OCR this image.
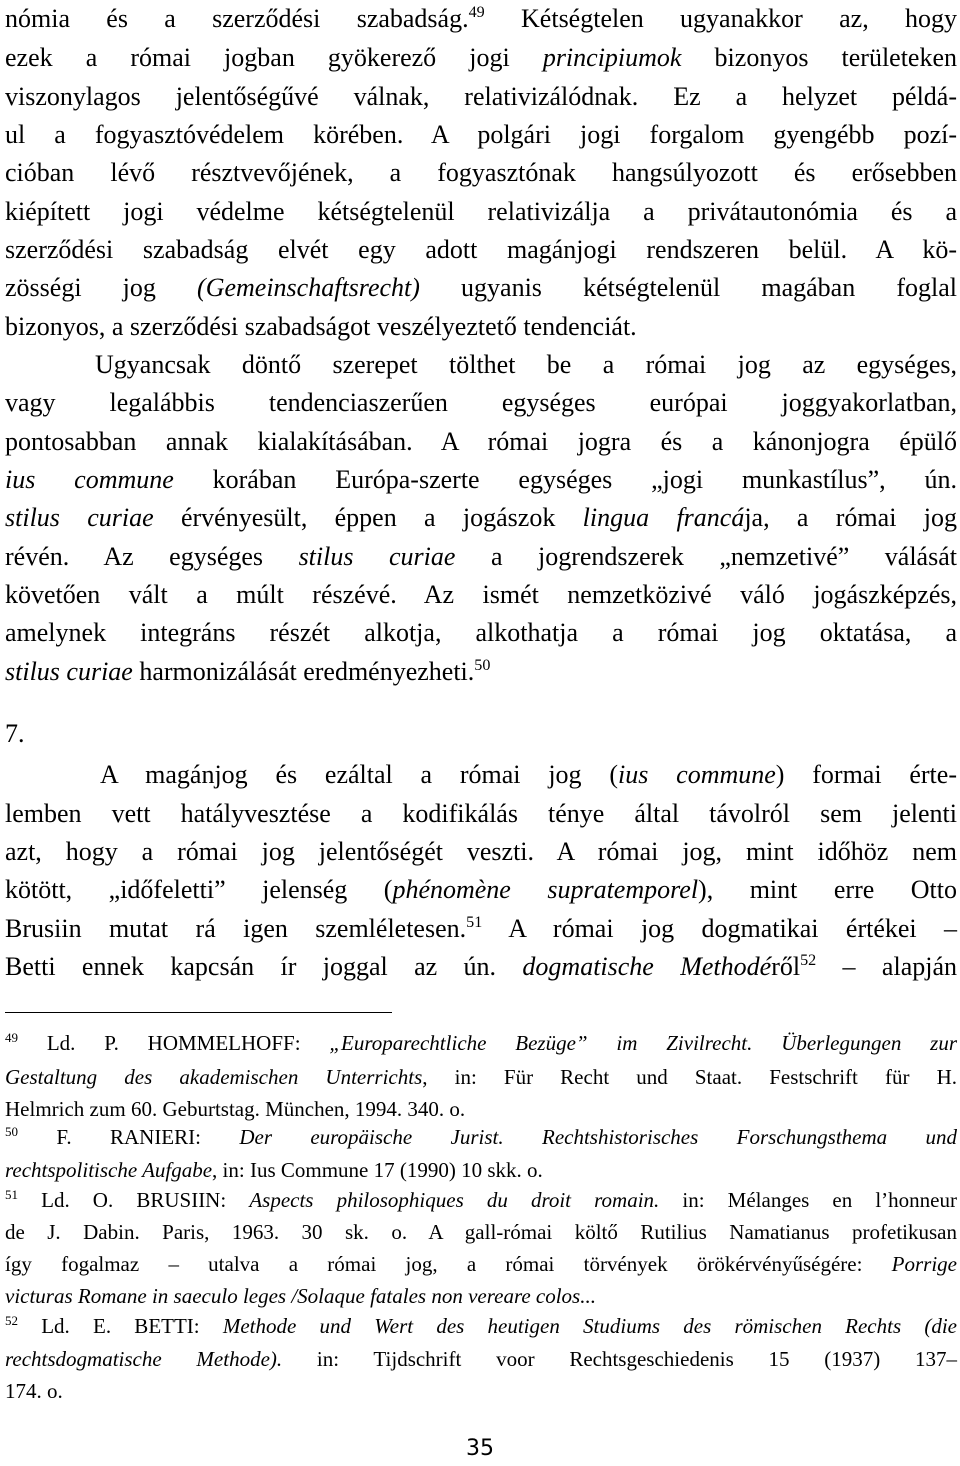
nómia és a szerződési szabadság.$^{49}$ Kétségtelen ugyanakkor az, hogy
ezek a római jogban gyökerező jogi principiumok bizonyos területeken
viszonylagos jelentőségűvé válnak, relativizálódnak. Ez a helyzet példá-
ul a fogyasztóvédelem körében. A polgári jogi forgalom gyengébb pozí-
cióban lévő résztvevőjének, a fogyasztónak hangsúlyozott és erősebben
kiépített jogi védelme kétségtelenül relativizálja a privátautonómia és a
szerződési szabadság elvét egy adott magánjogi rendszeren belül. A kö-
zösségi jog (Gemeinschaftsrecht) ugyanis kétségtelenül magában foglal
bizonyos, a szerződési szabadságot veszélyeztető tendenciát.
Ugyancsak döntő szerepet tölthet be a római jog az egységes,
vagy legalábbis tendenciaszerűen egységes európai joggyakorlatban,
pontosabban annak kialakításában. A római jogra és a kánonjogra épülő
ius commune korában Európa-szerte egységes „jogi munkastílus”, ún.
stilus curiae érvényesült, éppen a jogászok lingua francája, a római jog
révén. Az egységes stilus curiae a jogrendszerek „nemzetivé” válását
követően vált a múlt részévé. Az ismét nemzetközivé váló jogászképzés,
amelynek integráns részét alkotja, alkothatja a római jog oktatása, a
stilus curiae harmonizálását eredményezheti.$^{50}$
7.
A magánjog és ezáltal a római jog (ius commune) formai érte-
lemben vett hatályvesztése a kodifikálás ténye által távolról sem jelenti
azt, hogy a római jog jelentőségét veszti. A római jog, mint időhöz nem
kötött, „időfeletti” jelenség (phénomène supratemporel), mint erre Otto
Brusiin mutat rá igen szemléletesen.$^{51}$ A római jog dogmatikai értékei –
Betti ennek kapcsán ír joggal az ún. dogmatische Methodéről$^{52}$ – alapján
$^{49}$ Ld. P. HOMMELHOFF: „Europarechtliche Bezüge” im Zivilrecht. Überlegungen zur
Gestaltung des akademischen Unterrichts, in: Für Recht und Staat. Festschrift für H.
Helmrich zum 60. Geburtstag. München, 1994. 340. o.
$^{50}$ F. RANIERI: Der europäische Jurist. Rechtshistorisches Forschungsthema und
rechtspolitische Aufgabe, in: Ius Commune 17 (1990) 10 skk. o.
$^{51}$ Ld. O. BRUSIIN: Aspects philosophiques du droit romain. in: Mélanges en l’honneur
de J. Dabin. Paris, 1963. 30 sk. o. A gall-római költő Rutilius Namatianus profetikusan
így fogalmaz – utalva a római jog, a római törvények örökérvényűségére: Porrige
victuras Romane in saeculo leges /Solaque fatales non vereare colos...
$^{52}$ Ld. E. BETTI: Methode und Wert des heutigen Studiums des römischen Rechts (die
rechtsdogmatische Methode). in: Tijdschrift voor Rechtsgeschiedenis 15 (1937) 137–
174. o.
35
